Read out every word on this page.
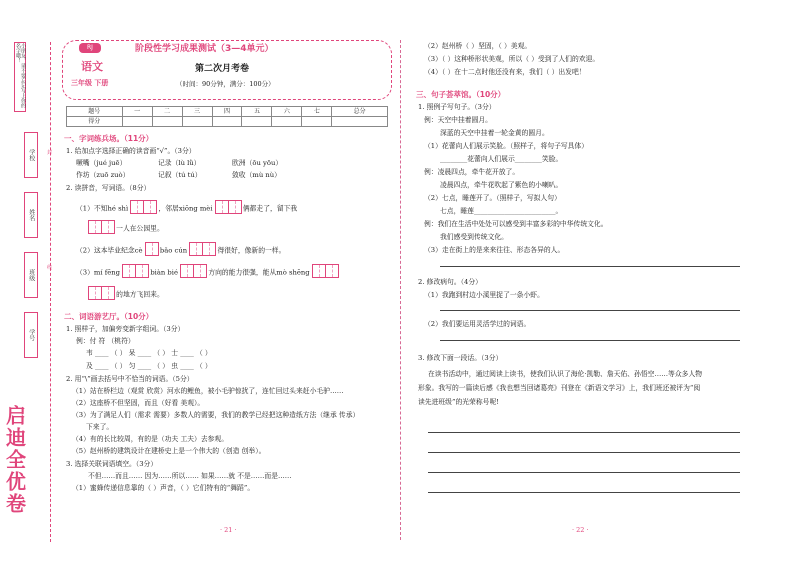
小朋友，请不要忘记写上你的名字哦！
学校
姓名
班级
学号
启迪全优卷
封
线
RJ	阶段性学习成果测试（3—4单元）
语文
三年级 下册
第二次月考卷
（时间：90分钟，满分：100分）
题号	一	二	三	四	五	六	七	总分
得分								
一、字词练兵场。（11分）
1. 给加点字选择正确的读音画“√”。（3分）
噘嘴（jué juē）	记录（lù lǜ）	欧洲（ōu yōu）
作坊（zuō zuò）	记叙（tú tú）	敛收（mù nù）
2. 读拼音，写词语。（8分）
（1）不知hé shì	，邻居xiōng mèi	俩都走了，留下我
一人在公园里。
（2）这本毕业纪念cè	bǎo cún	得很好，像新的一样。
（3）mí fēng	biàn bié	方向的能力很强，能从mò shēng
的地方飞回来。
二、词语游艺厅。（10分）
1. 照样子，加偏旁变新字组词。（3分）
例：付 符 （桃符）
韦 ____ （ ） 呆 ____ （ ） 士 ____ （ ）
及 ____ （ ） 匀 ____ （ ） 虫 ____ （ ）
2. 用“\”画去括号中不恰当的词语。（5分）
（1）站在桥栏边（观赏 欣赏）河水的鲤鱼，被小毛驴惊扰了，连忙回过头来赶小毛驴……
（2）这座桥不但坚固，而且（好看 美观）。
（3）为了满足人们（需求 需要）多数人的需要，我们的教学已经把这种造纸方法（继承 传承）
下来了。
（4）有的长比较周，有的是（功夫 工夫）去参观。
（5）赵州桥的建筑设计在建桥史上是一个伟大的（创造 创举）。
3. 选择关联词语填空。（3分）
不但……而且…… 因为……所以…… 如果……就 不是……而是……
（1）蜜蜂传递信息靠的（ ）声音，（ ）它们特有的“舞蹈”。
· 21 ·
（2）赵州桥（ ）坚固，（ ）美观。
（3）（ ）这种桥形状美观，所以（ ）受到了人们的欢迎。
（4）（ ）在十二点时他还没有来，我们（ ）出发吧！
三、句子荟萃馆。（10分）
1. 照例子写句子。（3分）
例：天空中挂着圆月。
深蓝的天空中挂着一轮金黄的圆月。
（1）花蕾向人们展示笑脸。（照样子，将句子写具体）
________花蕾向人们展示________笑脸。
例：凌晨四点，牵牛花开放了。
凌晨四点，牵牛花吹起了紫色的小喇叭。
（2）七点，睡莲开了。（照样子，写拟人句）
七点，睡莲________________________。
例：我们在生活中处处可以感受到丰富多彩的中华传统文化。
我们感受到传统文化。
（3）走在街上的是来来往往、形态各异的人。
2. 修改病句。（4分）
（1）我跑到村边小溪里捉了一条小虾。
（2）我们要运用灵活学过的词语。
3. 修改下面一段话。（3分）
在读书活动中，通过阅读上读书，使我们认识了海伦·凯勒、詹天佑、孙悟空……等众多人物
形象。我写的一篇读后感《我也想当回诸葛亮》刊登在《新语文学习》上，我们班还被评为“阅
读先进班级”的光荣称号呢!
· 22 ·
